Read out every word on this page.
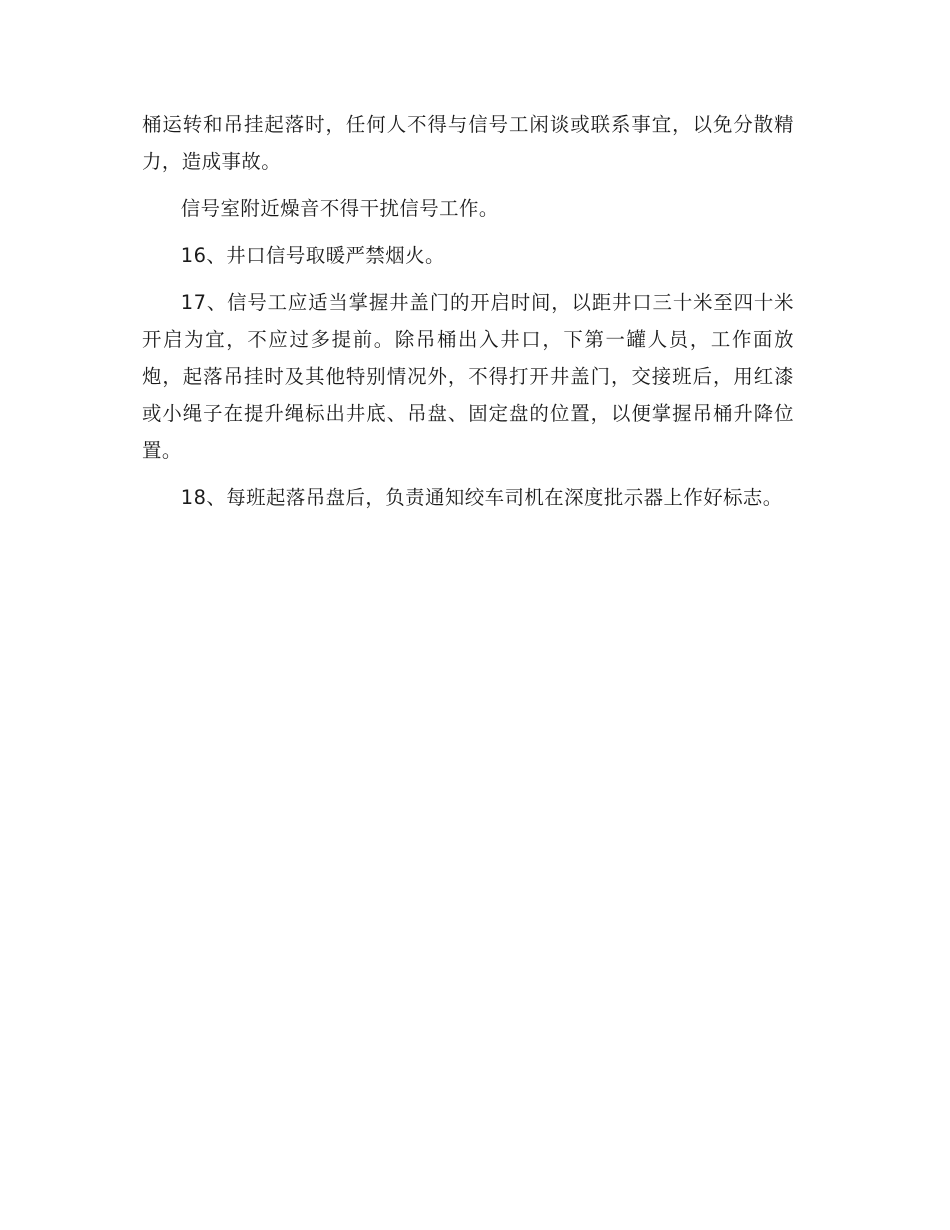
桶运转和吊挂起落时，任何人不得与信号工闲谈或联系事宜，以免分散精力，造成事故。

信号室附近燥音不得干扰信号工作。

16、井口信号取暖严禁烟火。

17、信号工应适当掌握井盖门的开启时间，以距井口三十米至四十米开启为宜，不应过多提前。除吊桶出入井口，下第一罐人员，工作面放炮，起落吊挂时及其他特别情况外，不得打开井盖门，交接班后，用红漆或小绳子在提升绳标出井底、吊盘、固定盘的位置，以便掌握吊桶升降位置。

18、每班起落吊盘后，负责通知绞车司机在深度批示器上作好标志。
